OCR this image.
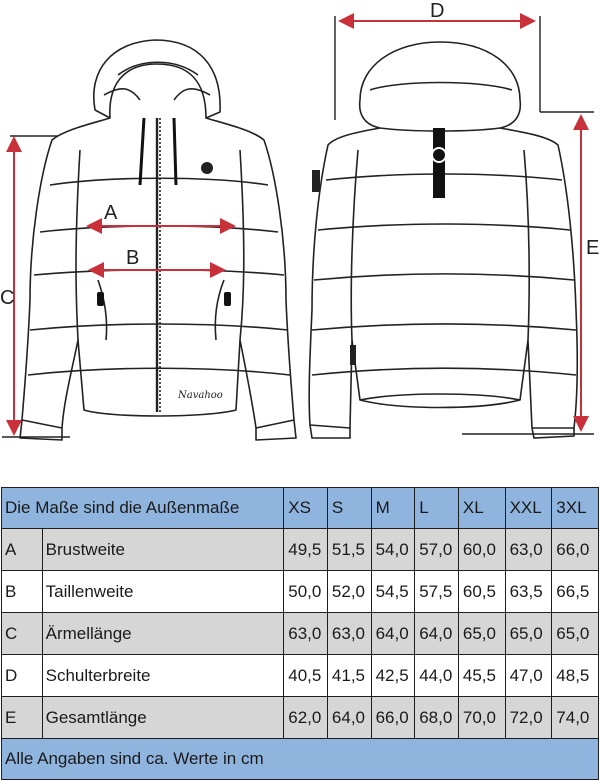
Navahoo
A
B
C
D
E
Die Maße sind die Außenmaße		XS	S	M	L	XL	XXL	3XL
A	Brustweite	49,5	51,5	54,0	57,0	60,0	63,0	66,0
B	Taillenweite	50,0	52,0	54,5	57,5	60,5	63,5	66,5
C	Ärmellänge	63,0	63,0	64,0	64,0	65,0	65,0	65,0
D	Schulterbreite	40,5	41,5	42,5	44,0	45,5	47,0	48,5
E	Gesamtlänge	62,0	64,0	66,0	68,0	70,0	72,0	74,0
Alle Angaben sind ca. Werte in cm								
